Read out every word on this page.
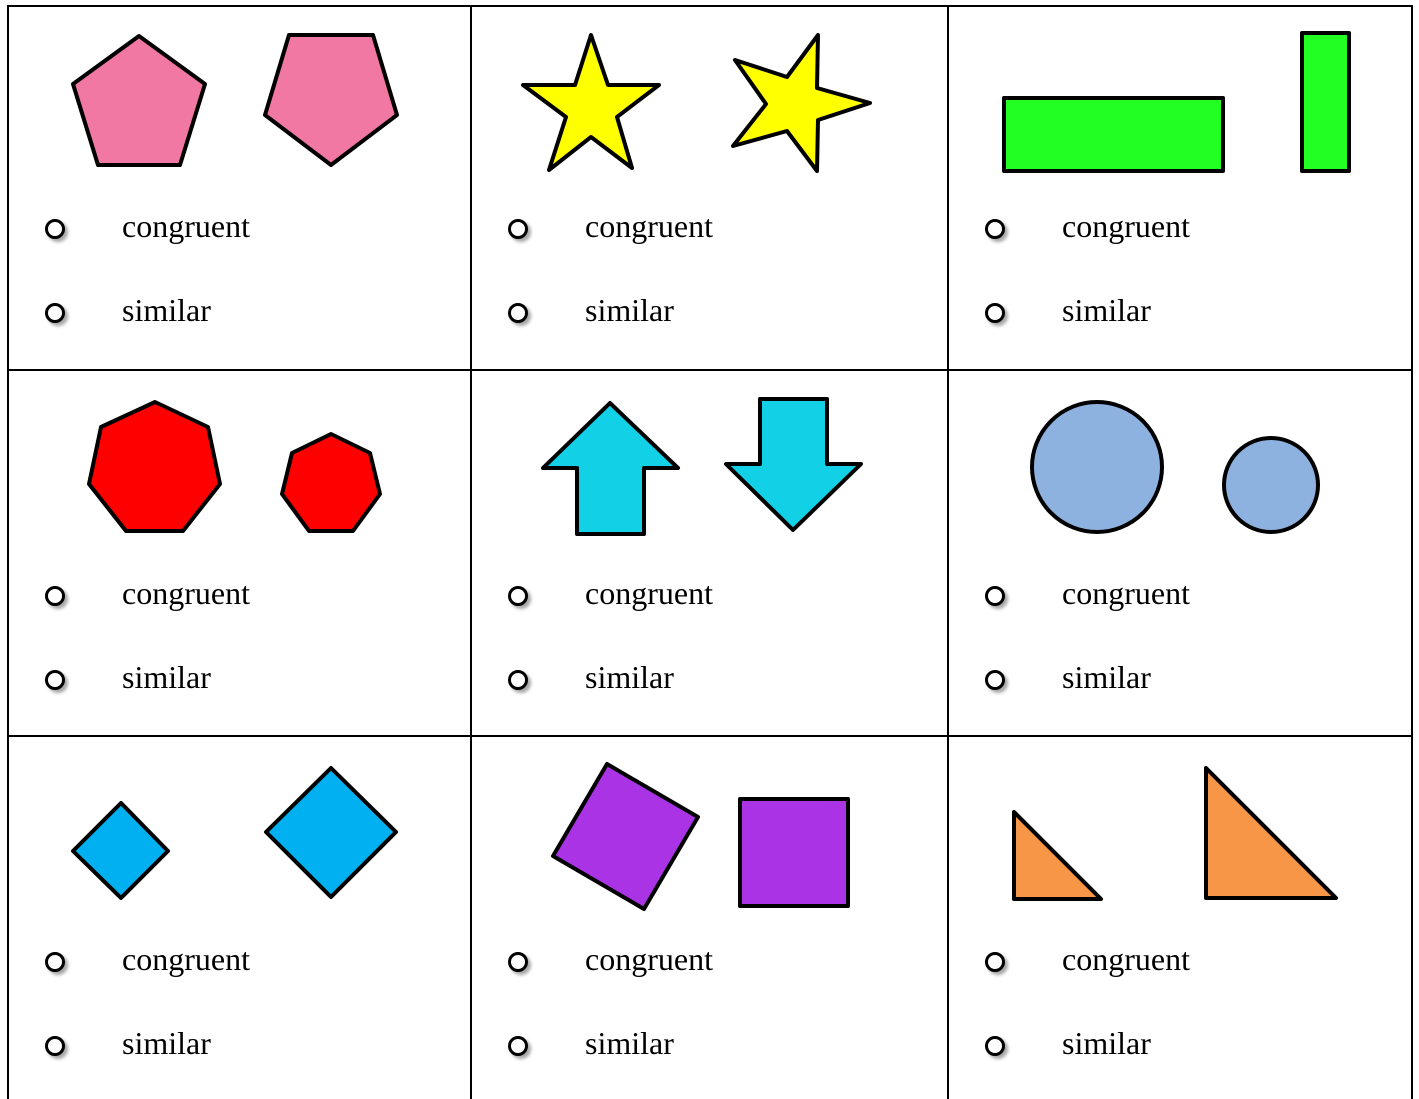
congruent
similar
congruent
similar
congruent
similar
congruent
similar
congruent
similar
congruent
similar
congruent
similar
congruent
similar
congruent
similar
